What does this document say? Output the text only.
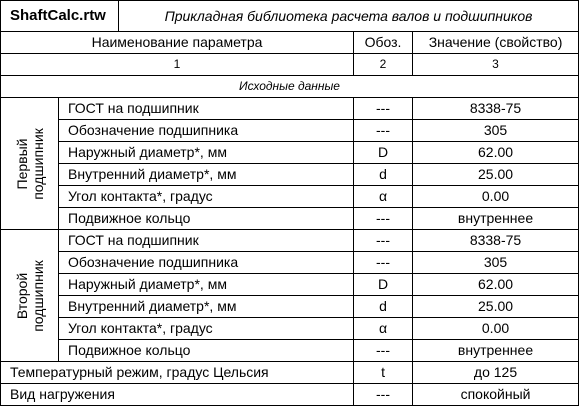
ShaftCalc.rtw		Прикладная библиотека расчета валов и подшипников		
Наименование параметра			Обоз.	Значение (свойство)
1			2	3
Исходные данные				

Первый
подшипник	ГОСТ на подшипник		---	8338-75
	Обозначение подшипника		---	305
	Наружный диаметр*, мм		D	62.00
	Внутренний диаметр*, мм		d	25.00
	Угол контакта*, градус		α	0.00
	Подвижное кольцо		---	внутреннее

Второй
подшипник	ГОСТ на подшипник		---	8338-75
	Обозначение подшипника		---	305
	Наружный диаметр*, мм		D	62.00
	Внутренний диаметр*, мм		d	25.00
	Угол контакта*, градус		α	0.00
	Подвижное кольцо		---	внутреннее
Температурный режим, градус Цельсия			t	до 125
Вид нагружения			---	спокойный
